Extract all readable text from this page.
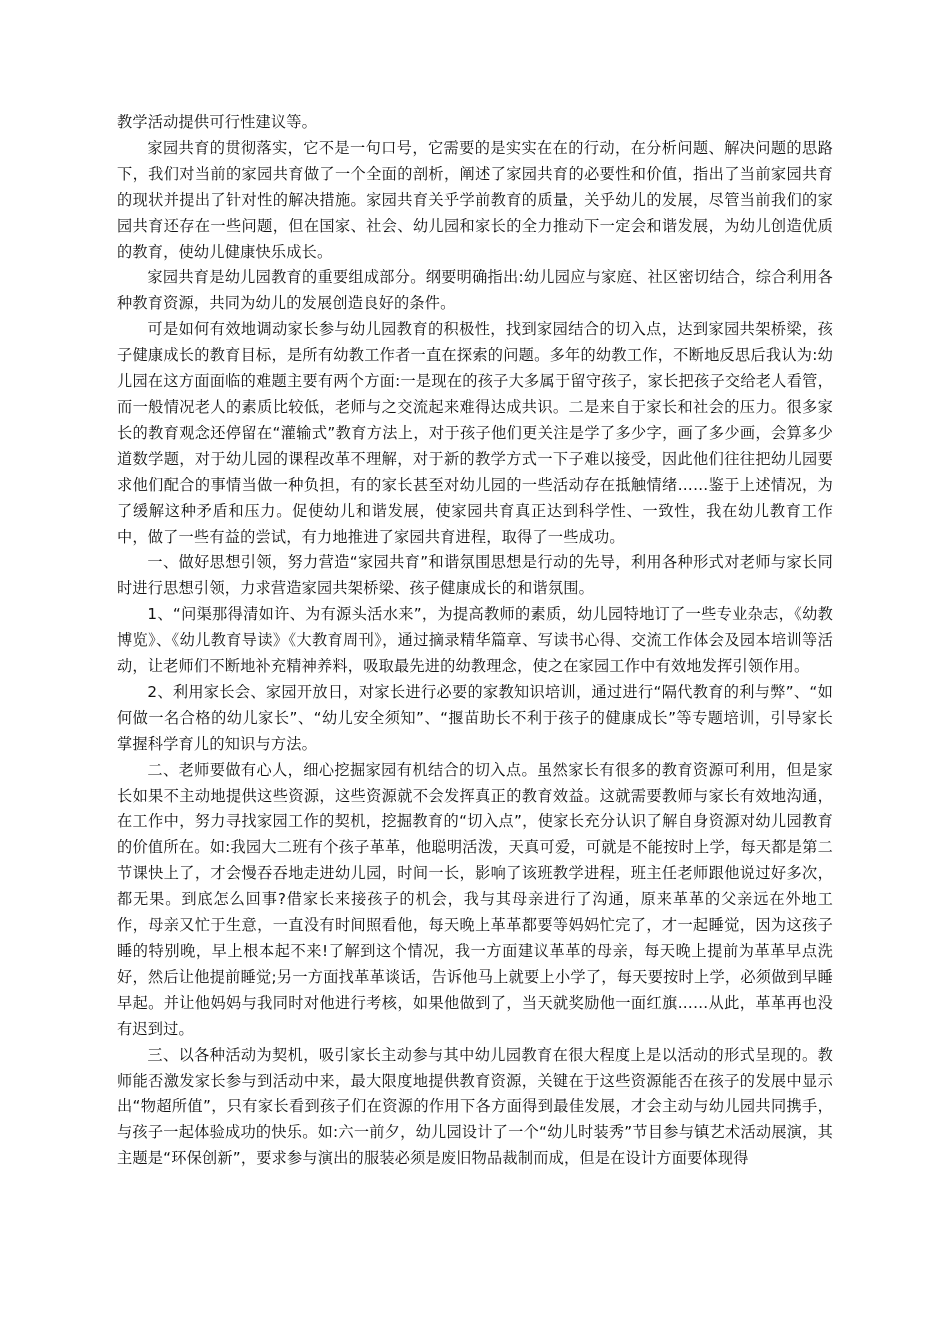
教学活动提供可行性建议等。

家园共育的贯彻落实，它不是一句口号，它需要的是实实在在的行动，在分析问题、解决问题的思路下，我们对当前的家园共育做了一个全面的剖析，阐述了家园共育的必要性和价值，指出了当前家园共育的现状并提出了针对性的解决措施。家园共育关乎学前教育的质量，关乎幼儿的发展，尽管当前我们的家园共育还存在一些问题，但在国家、社会、幼儿园和家长的全力推动下一定会和谐发展，为幼儿创造优质的教育，使幼儿健康快乐成长。

家园共育是幼儿园教育的重要组成部分。纲要明确指出:幼儿园应与家庭、社区密切结合，综合利用各种教育资源，共同为幼儿的发展创造良好的条件。

可是如何有效地调动家长参与幼儿园教育的积极性，找到家园结合的切入点，达到家园共架桥梁，孩子健康成长的教育目标，是所有幼教工作者一直在探索的问题。多年的幼教工作，不断地反思后我认为:幼儿园在这方面面临的难题主要有两个方面:一是现在的孩子大多属于留守孩子，家长把孩子交给老人看管，而一般情况老人的素质比较低，老师与之交流起来难得达成共识。二是来自于家长和社会的压力。很多家长的教育观念还停留在“灌输式”教育方法上，对于孩子他们更关注是学了多少字，画了多少画，会算多少道数学题，对于幼儿园的课程改革不理解，对于新的教学方式一下子难以接受，因此他们往往把幼儿园要求他们配合的事情当做一种负担，有的家长甚至对幼儿园的一些活动存在抵触情绪……鉴于上述情况，为了缓解这种矛盾和压力。促使幼儿和谐发展，使家园共育真正达到科学性、一致性，我在幼儿教育工作中，做了一些有益的尝试，有力地推进了家园共育进程，取得了一些成功。

一、做好思想引领，努力营造“家园共育”和谐氛围思想是行动的先导，利用各种形式对老师与家长同时进行思想引领，力求营造家园共架桥梁、孩子健康成长的和谐氛围。

1、“问渠那得清如许、为有源头活水来”，为提高教师的素质，幼儿园特地订了一些专业杂志，《幼教博览》、《幼儿教育导读》《大教育周刊》，通过摘录精华篇章、写读书心得、交流工作体会及园本培训等活动，让老师们不断地补充精神养料，吸取最先进的幼教理念，使之在家园工作中有效地发挥引领作用。

2、利用家长会、家园开放日，对家长进行必要的家教知识培训，通过进行“隔代教育的利与弊”、“如何做一名合格的幼儿家长”、“幼儿安全须知”、“揠苗助长不利于孩子的健康成长”等专题培训，引导家长掌握科学育儿的知识与方法。

二、老师要做有心人，细心挖掘家园有机结合的切入点。虽然家长有很多的教育资源可利用，但是家长如果不主动地提供这些资源，这些资源就不会发挥真正的教育效益。这就需要教师与家长有效地沟通，在工作中，努力寻找家园工作的契机，挖掘教育的“切入点”，使家长充分认识了解自身资源对幼儿园教育的价值所在。如:我园大二班有个孩子革革，他聪明活泼，天真可爱，可就是不能按时上学，每天都是第二节课快上了，才会慢吞吞地走进幼儿园，时间一长，影响了该班教学进程，班主任老师跟他说过好多次，都无果。到底怎么回事?借家长来接孩子的机会，我与其母亲进行了沟通，原来革革的父亲远在外地工作，母亲又忙于生意，一直没有时间照看他，每天晚上革革都要等妈妈忙完了，才一起睡觉，因为这孩子睡的特别晚，早上根本起不来!了解到这个情况，我一方面建议革革的母亲，每天晚上提前为革革早点洗好，然后让他提前睡觉;另一方面找革革谈话，告诉他马上就要上小学了，每天要按时上学，必须做到早睡早起。并让他妈妈与我同时对他进行考核，如果他做到了，当天就奖励他一面红旗……从此，革革再也没有迟到过。

三、以各种活动为契机，吸引家长主动参与其中幼儿园教育在很大程度上是以活动的形式呈现的。教师能否激发家长参与到活动中来，最大限度地提供教育资源，关键在于这些资源能否在孩子的发展中显示出“物超所值”，只有家长看到孩子们在资源的作用下各方面得到最佳发展，才会主动与幼儿园共同携手，与孩子一起体验成功的快乐。如:六一前夕，幼儿园设计了一个“幼儿时装秀”节目参与镇艺术活动展演，其主题是“环保创新”，要求参与演出的服装必须是废旧物品裁制而成，但是在设计方面要体现得
